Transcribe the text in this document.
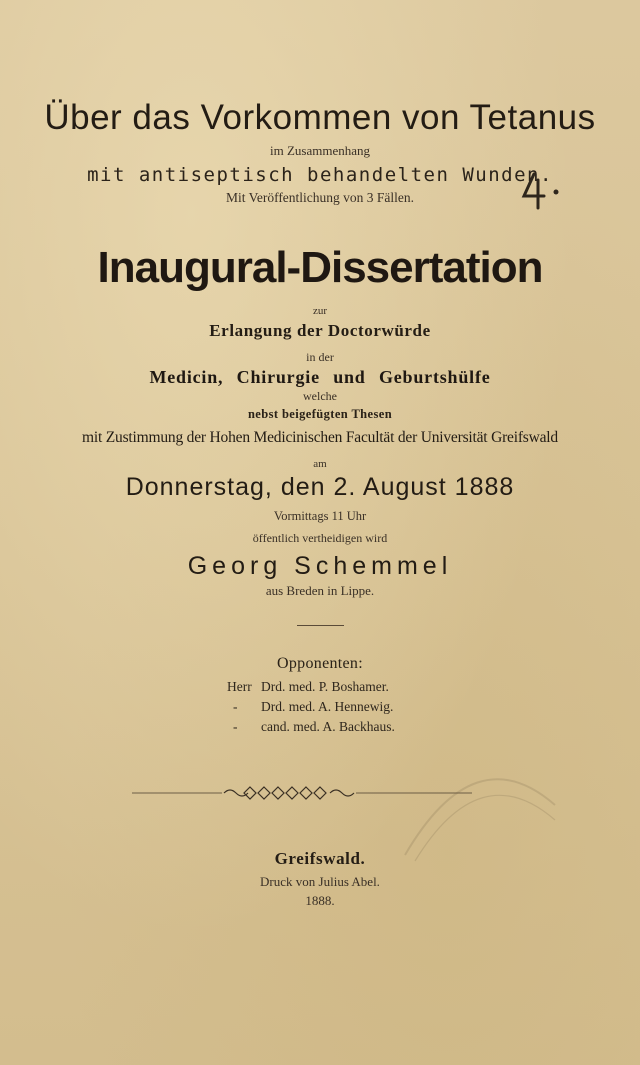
Über das Vorkommen von Tetanus
im Zusammenhang
mit antiseptisch behandelten Wunden.
Mit Veröffentlichung von 3 Fällen.
Inaugural-Dissertation
zur
Erlangung der Doctorwürde
in der
Medicin, Chirurgie und Geburtshülfe
welche
nebst beigefügten Thesen
mit Zustimmung der Hohen Medicinischen Facultät der Universität Greifswald
am
Donnerstag, den 2. August 1888
Vormittags 11 Uhr
öffentlich vertheidigen wird
Georg Schemmel
aus Breden in Lippe.
Opponenten:
Herr Drd. med. P. Boshamer.
- Drd. med. A. Hennewig.
- cand. med. A. Backhaus.
Greifswald.
Druck von Julius Abel.
1888.
